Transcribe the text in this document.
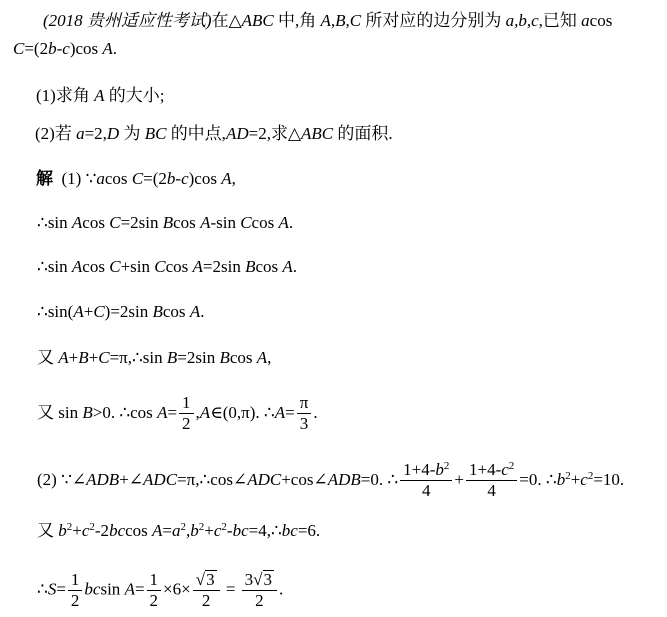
(2018 贵州适应性考试)在△ABC 中,角 A,B,C 所对应的边分别为 a,b,c,已知 acos
C=(2b-c)cos A.
(1)求角 A 的大小;
(2)若 a=2,D 为 BC 的中点,AD=2,求△ABC 的面积.
解  (1) ∵acos C=(2b-c)cos A,
∴sin Acos C=2sin Bcos A-sin Ccos A.
∴sin Acos C+sin Ccos A=2sin Bcos A.
∴sin(A+C)=2sin Bcos A.
又 A+B+C=π,∴sin B=2sin Bcos A,
又 sin B>0. ∴cos $A= \frac{1}{2}$ ,A∈(0,π). ∴A= $\frac{\pi}{3}$ .
(2) ∵∠ADB+∠ADC=π,∴cos∠ADC+cos∠ADB=0. ∴ $\frac{1+4-b^2}{4} + \frac{1+4-c^2}{4} =0$. $\therefore b^2+c^2=10$.
又 $b^2+c^2-2bccos$ $A=a^2,b^2+c^2-bc=4,\therefore bc=6$.
∴S= $\frac{1}{2}$ bcsin $A= \frac{1}{2} \times 6\times \frac{√3}{2} = \frac{3√3}{2}$ .
